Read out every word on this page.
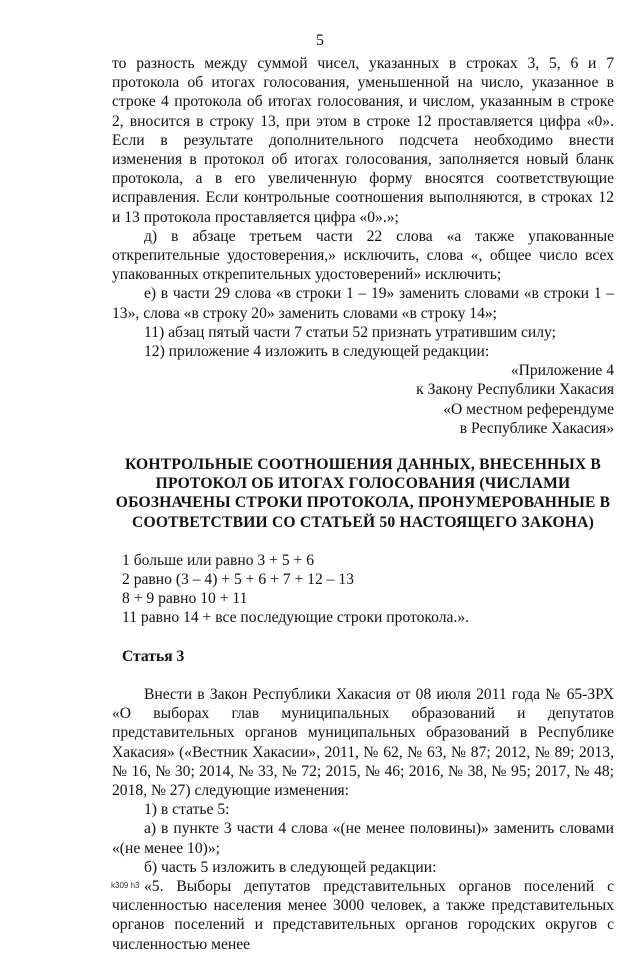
5

то разность между суммой чисел, указанных в строках 3, 5, 6 и 7 протокола об итогах голосования, уменьшенной на число, указанное в строке 4 протокола об итогах голосования, и числом, указанным в строке 2, вносится в строку 13, при этом в строке 12 проставляется цифра «0». Если в результате дополнительного подсчета необходимо внести изменения в протокол об итогах голосования, заполняется новый бланк протокола, а в его увеличенную форму вносятся соответствующие исправления. Если контрольные соотношения выполняются, в строках 12 и 13 протокола проставляется цифра «0».»;

д) в абзаце третьем части 22 слова «а также упакованные открепительные удостоверения,» исключить, слова «, общее число всех упакованных открепительных удостоверений» исключить;

е) в части 29 слова «в строки 1 – 19» заменить словами «в строки 1 – 13», слова «в строку 20» заменить словами «в строку 14»;

11) абзац пятый части 7 статьи 52 признать утратившим силу;

12) приложение 4 изложить в следующей редакции:

«Приложение 4

к Закону Республики Хакасия

«О местном референдуме

в Республике Хакасия»

КОНТРОЛЬНЫЕ СООТНОШЕНИЯ ДАННЫХ, ВНЕСЕННЫХ В ПРОТОКОЛ ОБ ИТОГАХ ГОЛОСОВАНИЯ (ЧИСЛАМИ ОБОЗНАЧЕНЫ СТРОКИ ПРОТОКОЛА, ПРОНУМЕРОВАННЫЕ В СООТВЕТСТВИИ СО СТАТЬЕЙ 50 НАСТОЯЩЕГО ЗАКОНА)

1 больше или равно 3 + 5 + 6

2 равно (3 – 4) + 5 + 6 + 7 + 12 – 13

8 + 9 равно 10 + 11

11 равно 14 + все последующие строки протокола.».

Статья 3

Внести в Закон Республики Хакасия от 08 июля 2011 года № 65-ЗРХ «О выборах глав муниципальных образований и депутатов представительных органов муниципальных образований в Республике Хакасия» («Вестник Хакасии», 2011, № 62, № 63, № 87; 2012, № 89; 2013, № 16, № 30; 2014, № 33, № 72; 2015, № 46; 2016, № 38, № 95; 2017, № 48; 2018, № 27) следующие изменения:

1) в статье 5:

а) в пункте 3 части 4 слова «(не менее половины)» заменить словами «(не менее 10)»;

б) часть 5 изложить в следующей редакции:

«5. Выборы депутатов представительных органов поселений с численностью населения менее 3000 человек, а также представительных органов поселений и представительных органов городских округов с численностью менее

k309 h3
